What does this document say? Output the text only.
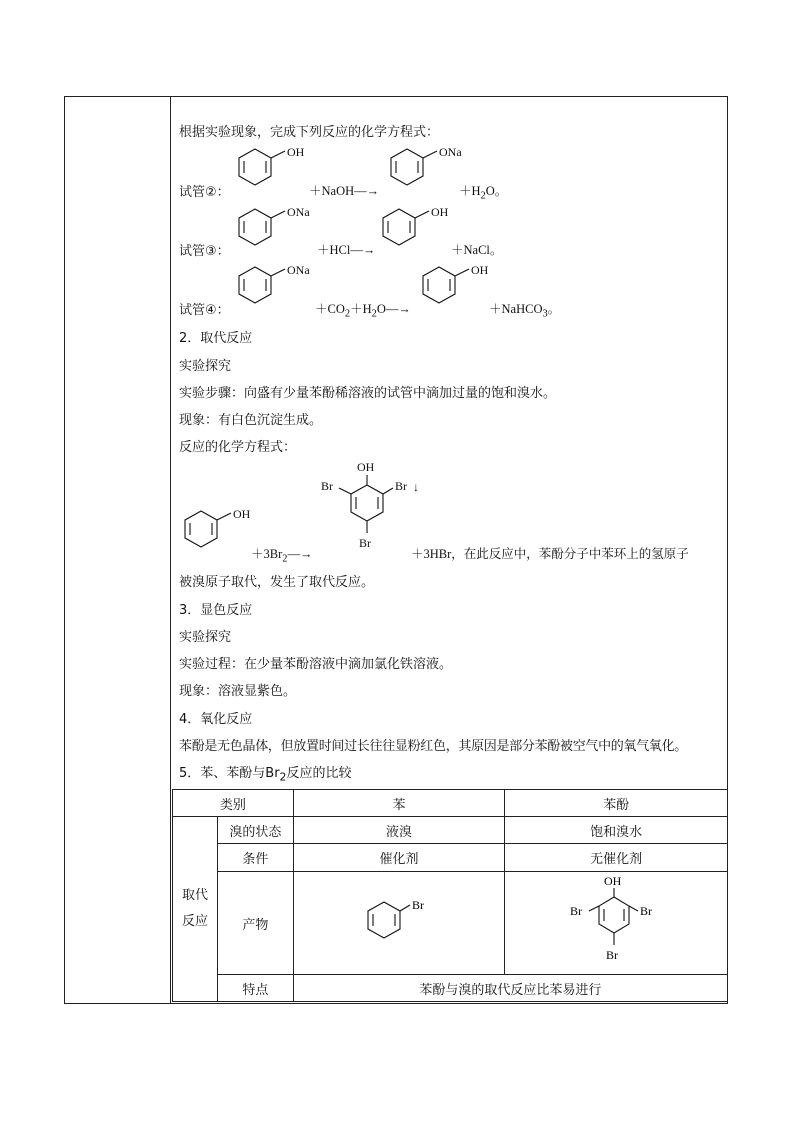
根据实验现象，完成下列反应的化学方程式：
试管②：
OH
＋NaOH―→
ONa
$+H_2O$。
试管③：
ONa
＋HCl―→
OH
＋NaCl。
试管④：
ONa
$+CO_2+H_2O―\to$
OH
＋NaHCO$_3$。
2．取代反应
实验探究
实验步骤：向盛有少量苯酚稀溶液的试管中滴加过量的饱和溴水。
现象：有白色沉淀生成。
反应的化学方程式：
OH
$+3Br_2―\to$
OH
Br	Br ↓
Br
＋3HBr，在此反应中，苯酚分子中苯环上的氢原子
被溴原子取代，发生了取代反应。
3．显色反应
实验探究
实验过程：在少量苯酚溶液中滴加氯化铁溶液。
现象：溶液显紫色。
4．氧化反应
苯酚是无色晶体，但放置时间过长往往显粉红色，其原因是部分苯酚被空气中的氧气氧化。
5．苯、苯酚与$Br_2$反应的比较
类别		苯	苯酚

取代反应	溴的状态	液溴	饱和溴水
	条件	催化剂	无催化剂
	产物	Br	OH
Br Br
Br

	特点	苯酚与溴的取代反应比苯易进行	
